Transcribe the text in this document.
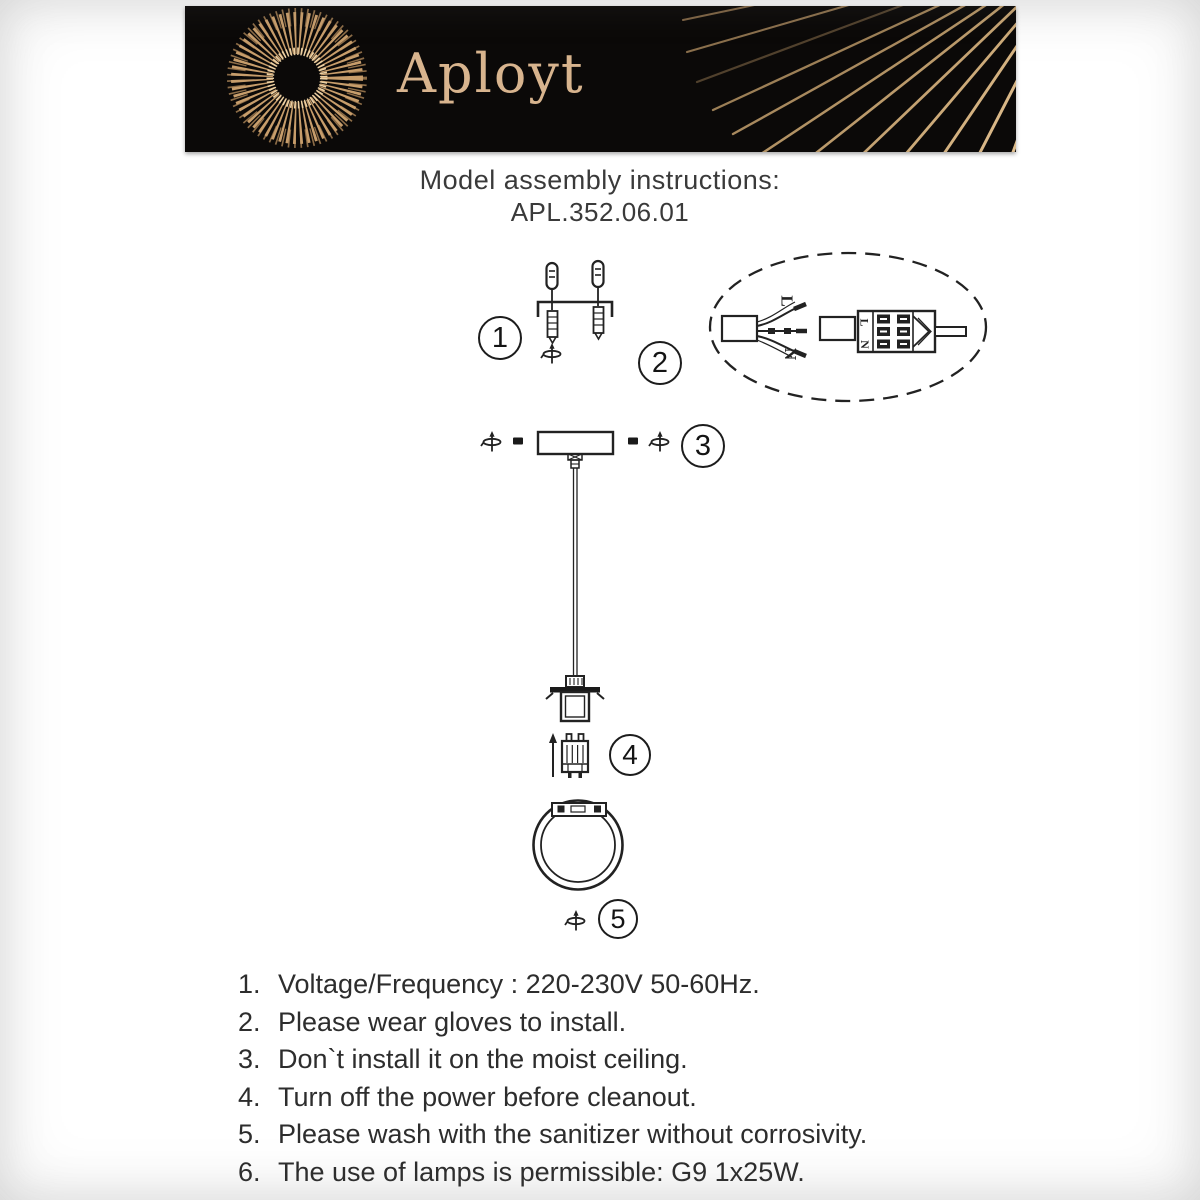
Aployt
Model assembly instructions:
APL.352.06.01
1
2
3
4
5
L
N
L
N
1. Voltage/Frequency : 220-230V 50-60Hz.
2. Please wear gloves to install.
3. Don`t install it on the moist ceiling.
4. Turn off the power before cleanout.
5. Please wash with the sanitizer without corrosivity.
6. The use of lamps is permissible: G9 1x25W.
